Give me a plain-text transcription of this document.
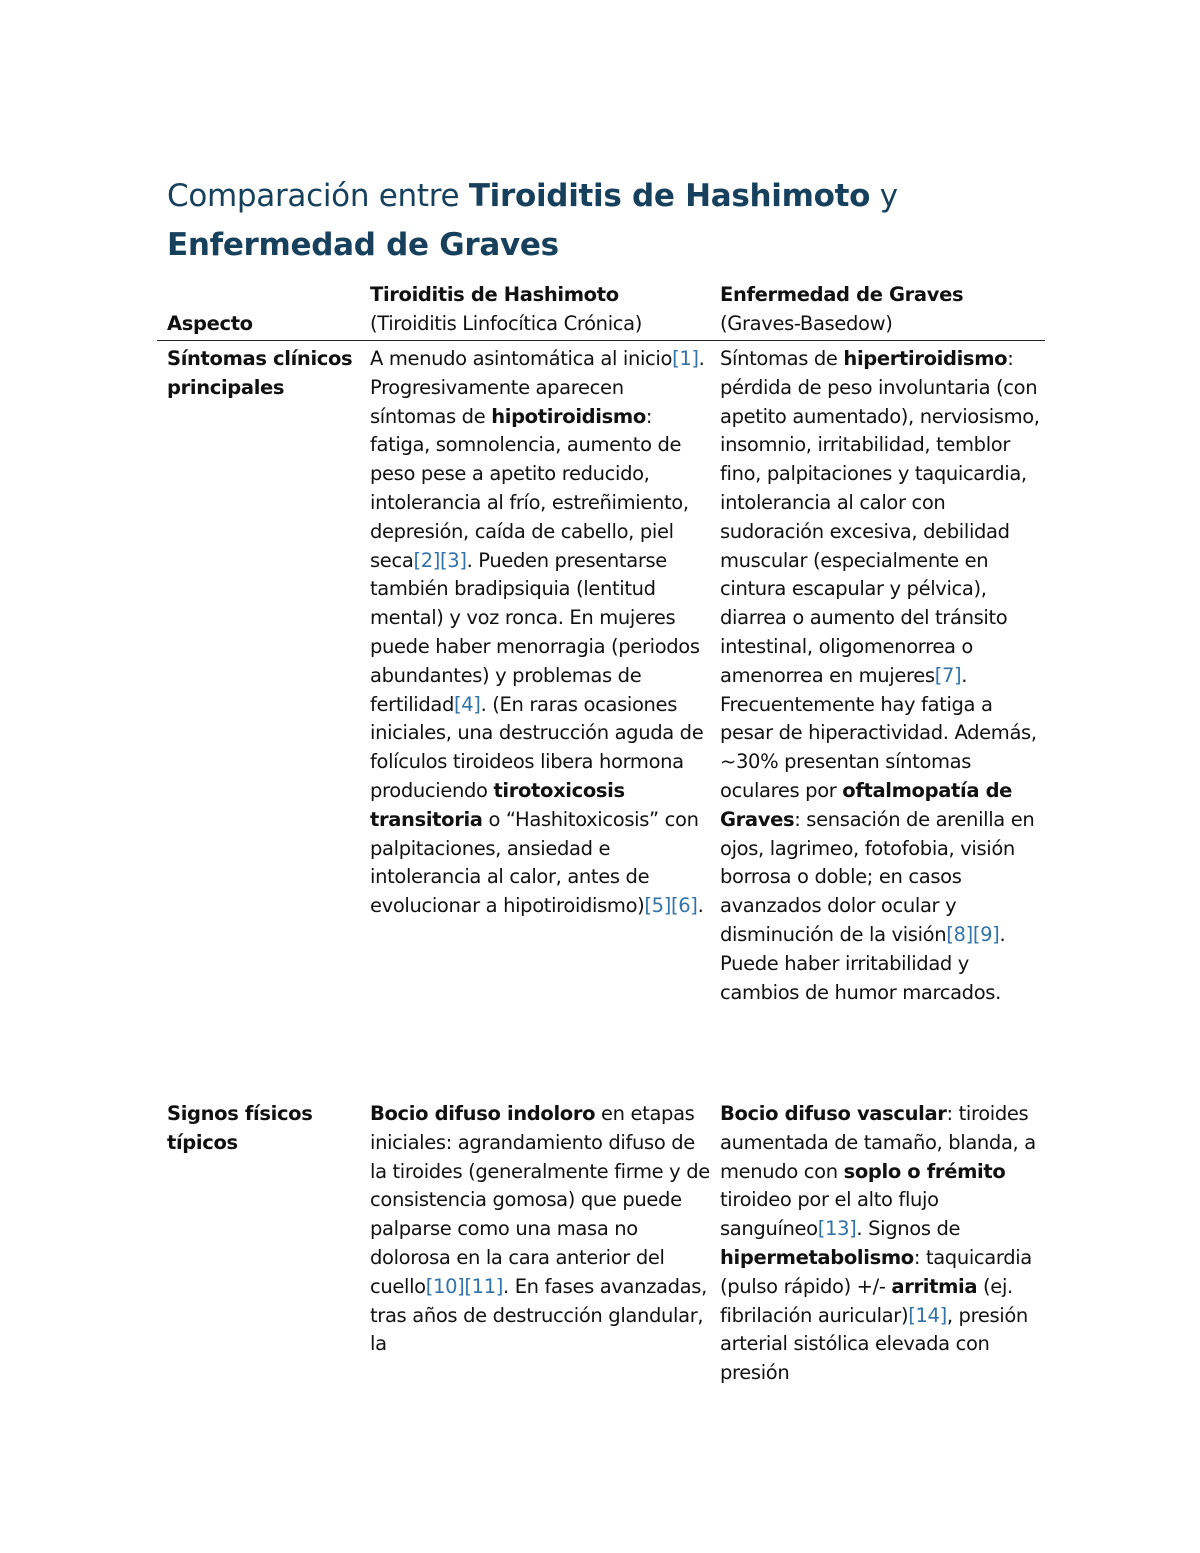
Comparación entre Tiroiditis de Hashimoto y
Enfermedad de Graves
Aspecto
Tiroiditis de Hashimoto
(Tiroiditis Linfocítica Crónica)
Enfermedad de Graves
(Graves-Basedow)
Síntomas clínicos principales
A menudo asintomática al inicio[1]. Progresivamente aparecen síntomas de hipotiroidismo: fatiga, somnolencia, aumento de peso pese a apetito reducido, intolerancia al frío, estreñimiento, depresión, caída de cabello, piel seca[2][3]. Pueden presentarse también bradipsiquia (lentitud mental) y voz ronca. En mujeres puede haber menorragia (periodos abundantes) y problemas de fertilidad[4]. (En raras ocasiones iniciales, una destrucción aguda de folículos tiroideos libera hormona produciendo tirotoxicosis transitoria o “Hashitoxicosis” con palpitaciones, ansiedad e intolerancia al calor, antes de evolucionar a hipotiroidismo)[5][6].
Síntomas de hipertiroidismo: pérdida de peso involuntaria (con apetito aumentado), nerviosismo, insomnio, irritabilidad, temblor fino, palpitaciones y taquicardia, intolerancia al calor con sudoración excesiva, debilidad muscular (especialmente en cintura escapular y pélvica), diarrea o aumento del tránsito intestinal, oligomenorrea o amenorrea en mujeres[7]. Frecuentemente hay fatiga a pesar de hiperactividad. Además, ~30% presentan síntomas oculares por oftalmopatía de Graves: sensación de arenilla en ojos, lagrimeo, fotofobia, visión borrosa o doble; en casos avanzados dolor ocular y disminución de la visión[8][9]. Puede haber irritabilidad y cambios de humor marcados.
Signos físicos típicos
Bocio difuso indoloro en etapas iniciales: agrandamiento difuso de la tiroides (generalmente firme y de consistencia gomosa) que puede palparse como una masa no dolorosa en la cara anterior del cuello[10][11]. En fases avanzadas, tras años de destrucción glandular, la
Bocio difuso vascular: tiroides aumentada de tamaño, blanda, a menudo con soplo o frémito tiroideo por el alto flujo sanguíneo[13]. Signos de hipermetabolismo: taquicardia (pulso rápido) +/- arritmia (ej. fibrilación auricular)[14], presión arterial sistólica elevada con presión
